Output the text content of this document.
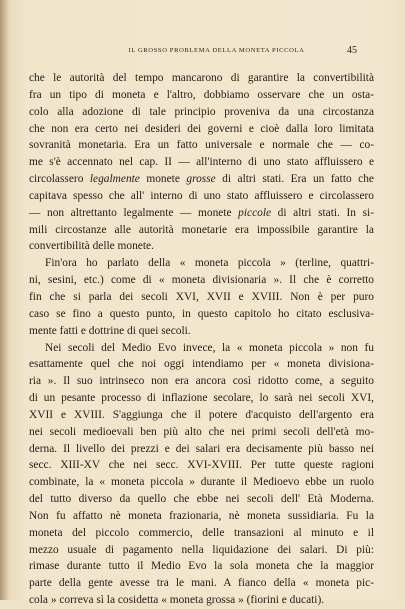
IL GROSSO PROBLEMA DELLA MONETA PICCOLA	45
che le autorità del tempo mancarono di garantire la convertibilità
fra un tipo di moneta e l'altro, dobbiamo osservare che un osta-
colo alla adozione di tale principio proveniva da una circostanza
che non era certo nei desideri dei governi e cioè dalla loro limitata
sovranità monetaria. Era un fatto universale e normale che — co-
me s'è accennato nel cap. II — all'interno di uno stato affluissero e
circolassero legalmente monete grosse di altri stati. Era un fatto che
capitava spesso che all' interno di uno stato affluissero e circolassero
— non altrettanto legalmente — monete piccole di altri stati. In si-
mili circostanze alle autorità monetarie era impossibile garantire la
convertibilità delle monete.
Fin'ora ho parlato della « moneta piccola » (terline, quattri-
ni, sesini, etc.) come di « moneta divisionaria ». Il che è corretto
fin che si parla dei secoli XVI, XVII e XVIII. Non è per puro
caso se fino a questo punto, in questo capitolo ho citato esclusiva-
mente fatti e dottrine di quei secoli.
Nei secoli del Medio Evo invece, la « moneta piccola » non fu
esattamente quel che noi oggi intendiamo per « moneta divisiona-
ria ». Il suo intrinseco non era ancora così ridotto come, a seguito
di un pesante processo di inflazione secolare, lo sarà nei secoli XVI,
XVII e XVIII. S'aggiunga che il potere d'acquisto dell'argento era
nei secoli medioevali ben più alto che nei primi secoli dell'età mo-
derna. Il livello dei prezzi e dei salari era decisamente più basso nei
secc. XIII-XV che nei secc. XVI-XVIII. Per tutte queste ragioni
combinate, la « moneta piccola » durante il Medioevo ebbe un ruolo
del tutto diverso da quello che ebbe nei secoli dell' Età Moderna.
Non fu affatto nè moneta frazionaria, nè moneta sussidiaria. Fu la
moneta del piccolo commercio, delle transazioni al minuto e il
mezzo usuale di pagamento nella liquidazione dei salari. Di più:
rimase durante tutto il Medio Evo la sola moneta che la maggior
parte della gente avesse tra le mani. A fianco della « moneta pic-
cola » correva sì la cosidetta « moneta grossa » (fiorini e ducati).
